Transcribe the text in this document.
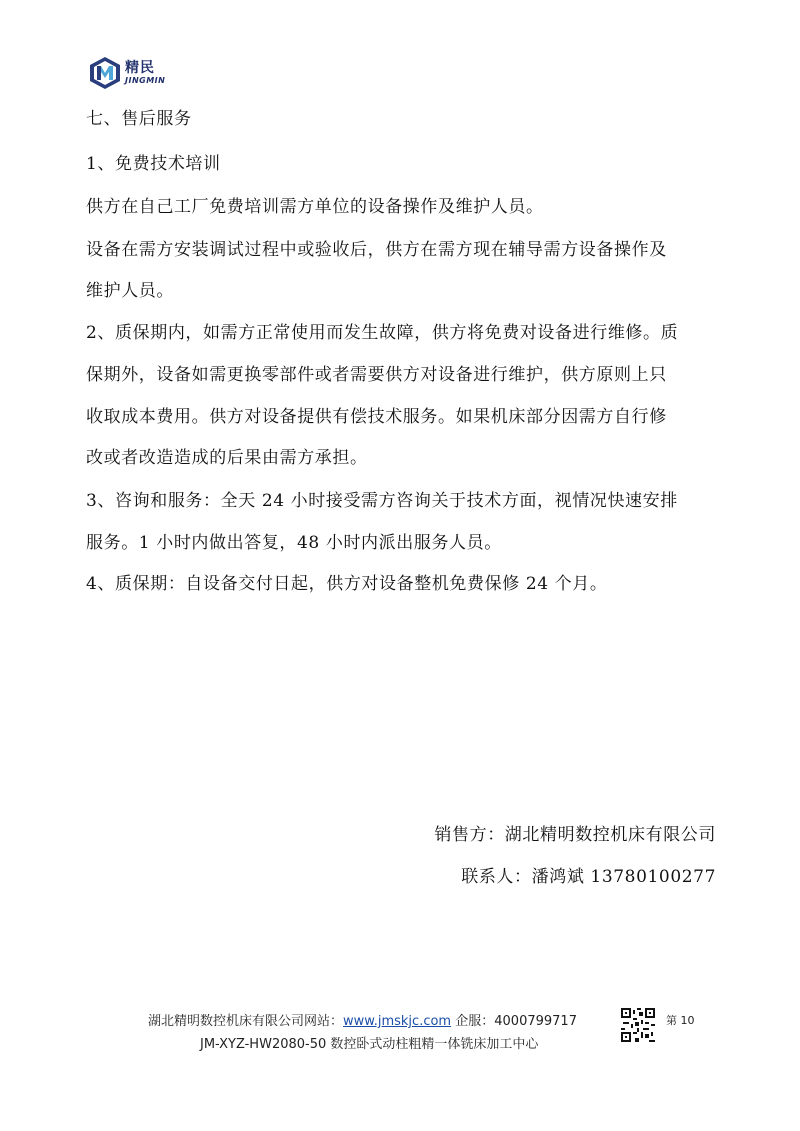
精民
JINGMIN
七、售后服务
1、免费技术培训
供方在自己工厂免费培训需方单位的设备操作及维护人员。
设备在需方安装调试过程中或验收后，供方在需方现在辅导需方设备操作及
维护人员。
2、质保期内，如需方正常使用而发生故障，供方将免费对设备进行维修。质
保期外，设备如需更换零部件或者需要供方对设备进行维护，供方原则上只
收取成本费用。供方对设备提供有偿技术服务。如果机床部分因需方自行修
改或者改造造成的后果由需方承担。
3、咨询和服务：全天 24 小时接受需方咨询关于技术方面，视情况快速安排
服务。1 小时内做出答复，48 小时内派出服务人员。
4、质保期：自设备交付日起，供方对设备整机免费保修 24 个月。
销售方：湖北精明数控机床有限公司
联系人：潘鸿斌 13780100277
湖北精明数控机床有限公司网站：www.jmskjc.com 企服：4000799717	第 10
JM-XYZ-HW2080-50 数控卧式动柱粗精一体铣床加工中心
